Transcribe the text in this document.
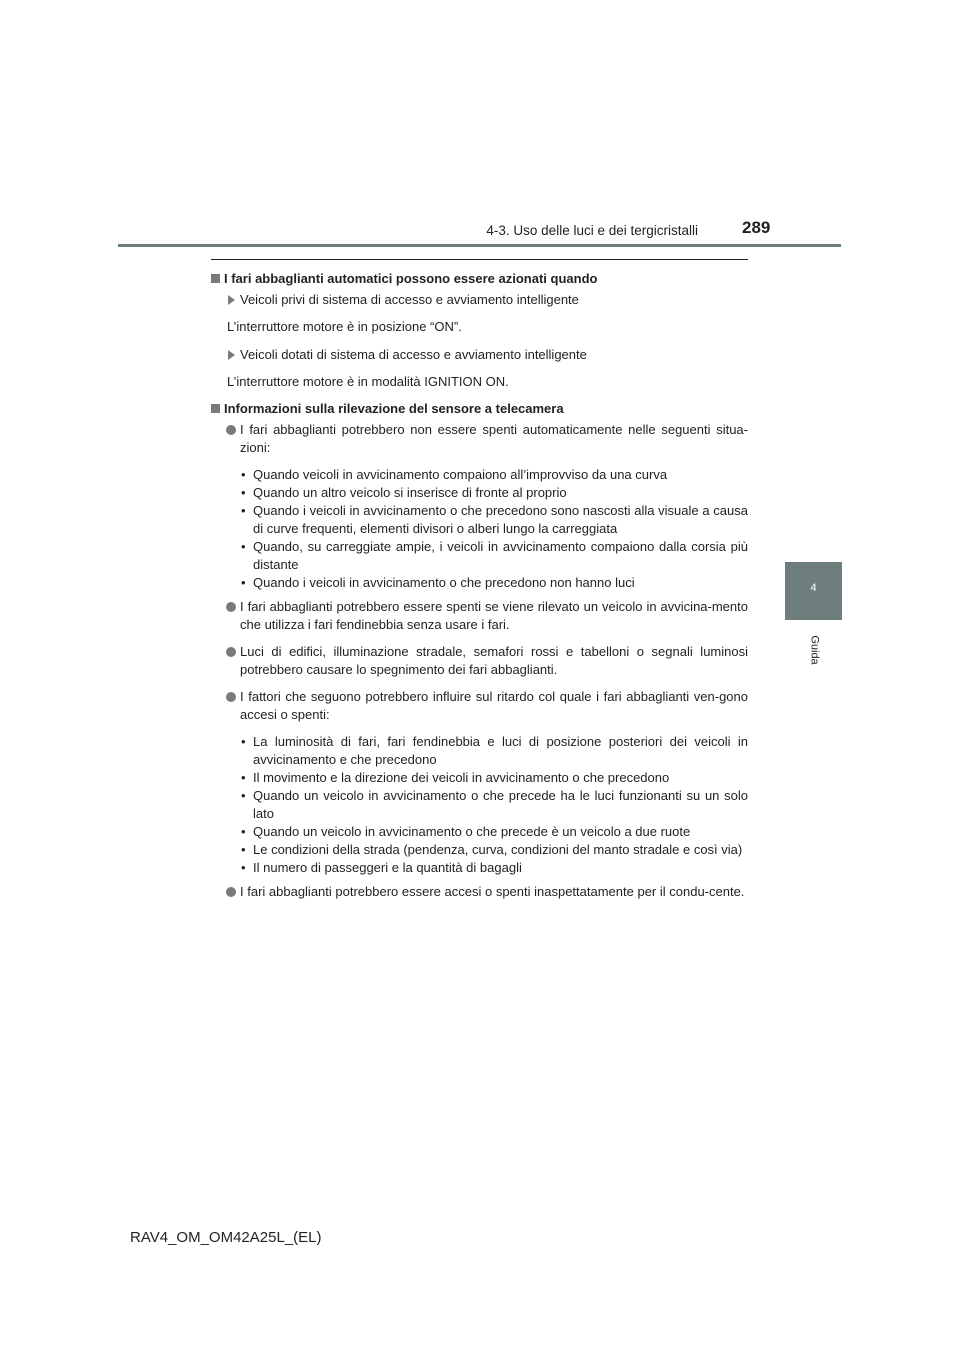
4-3. Uso delle luci e dei tergicristalli	289
4
Guida
I fari abbaglianti automatici possono essere azionati quando
Veicoli privi di sistema di accesso e avviamento intelligente
L’interruttore motore è in posizione “ON”.
Veicoli dotati di sistema di accesso e avviamento intelligente
L’interruttore motore è in modalità IGNITION ON.
Informazioni sulla rilevazione del sensore a telecamera
I fari abbaglianti potrebbero non essere spenti automaticamente nelle seguenti situa-zioni:
• Quando veicoli in avvicinamento compaiono all’improvviso da una curva
• Quando un altro veicolo si inserisce di fronte al proprio
• Quando i veicoli in avvicinamento o che precedono sono nascosti alla visuale a causa di curve frequenti, elementi divisori o alberi lungo la carreggiata
• Quando, su carreggiate ampie, i veicoli in avvicinamento compaiono dalla corsia più distante
• Quando i veicoli in avvicinamento o che precedono non hanno luci
I fari abbaglianti potrebbero essere spenti se viene rilevato un veicolo in avvicina-mento che utilizza i fari fendinebbia senza usare i fari.
Luci di edifici, illuminazione stradale, semafori rossi e tabelloni o segnali luminosi potrebbero causare lo spegnimento dei fari abbaglianti.
I fattori che seguono potrebbero influire sul ritardo col quale i fari abbaglianti ven-gono accesi o spenti:
• La luminosità di fari, fari fendinebbia e luci di posizione posteriori dei veicoli in avvicinamento e che precedono
• Il movimento e la direzione dei veicoli in avvicinamento o che precedono
• Quando un veicolo in avvicinamento o che precede ha le luci funzionanti su un solo lato
• Quando un veicolo in avvicinamento o che precede è un veicolo a due ruote
• Le condizioni della strada (pendenza, curva, condizioni del manto stradale e così via)
• Il numero di passeggeri e la quantità di bagagli
I fari abbaglianti potrebbero essere accesi o spenti inaspettatamente per il condu-cente.
RAV4_OM_OM42A25L_(EL)
